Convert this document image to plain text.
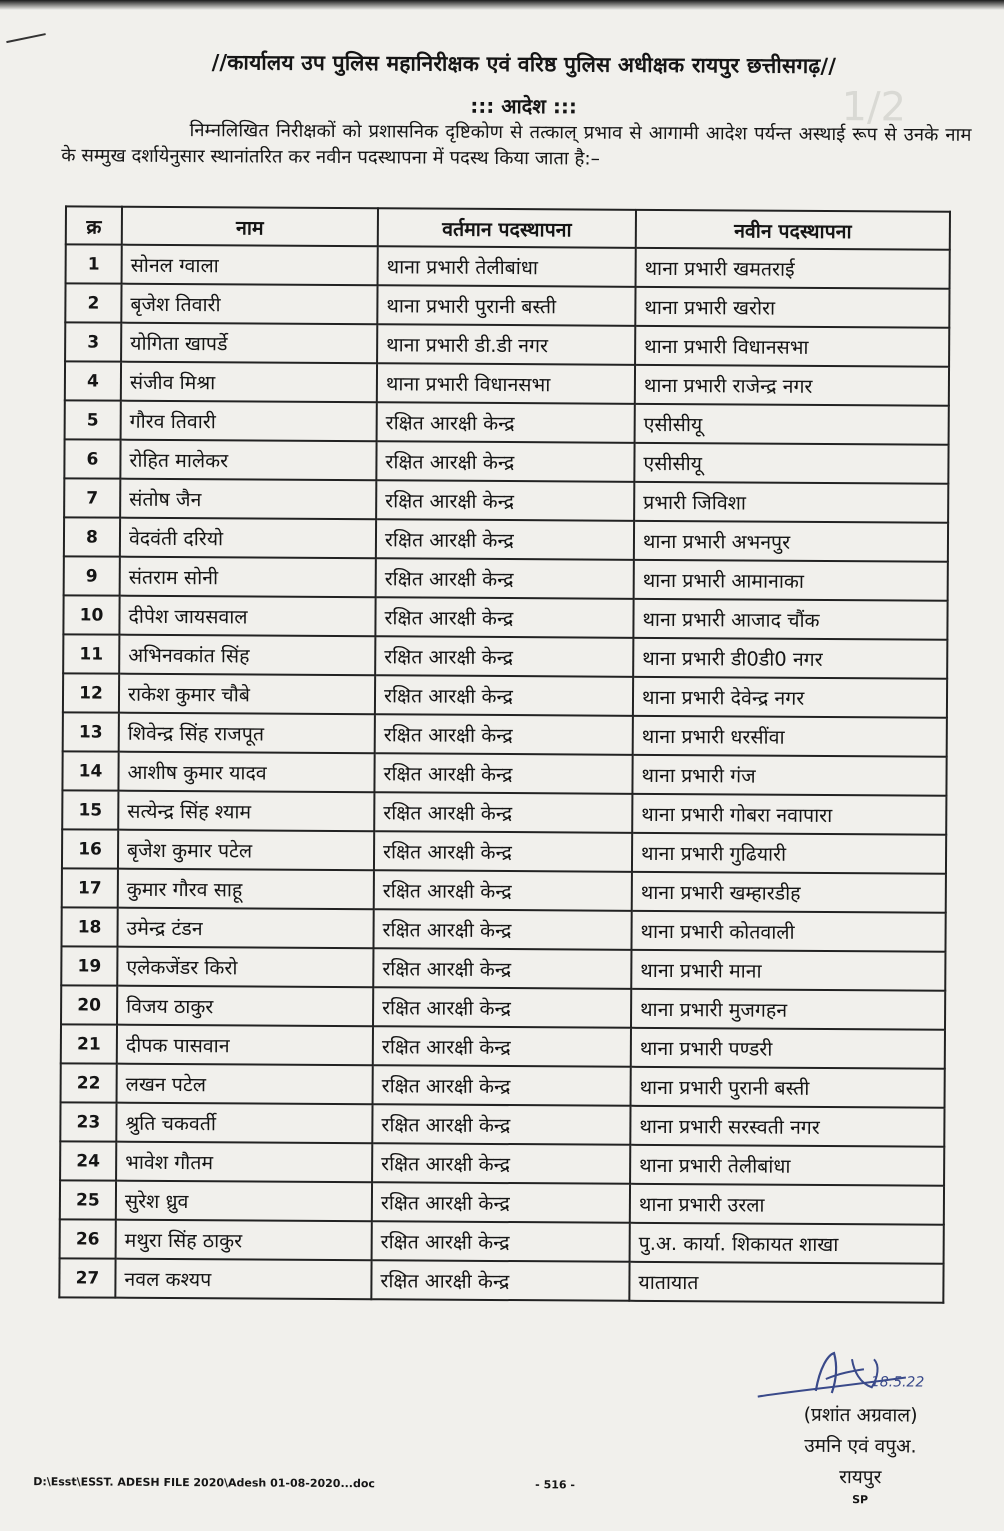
//कार्यालय उप पुलिस महानिरीक्षक एवं वरिष्ठ पुलिस अधीक्षक रायपुर छत्तीसगढ़//
1/2
::: आदेश :::
निम्नलिखित निरीक्षकों को प्रशासनिक दृष्टिकोण से तत्काल् प्रभाव से आगामी आदेश पर्यन्त अस्थाई रूप से उनके नाम के सम्मुख दर्शायेनुसार स्थानांतरित कर नवीन पदस्थापना में पदस्थ किया जाता है:–
क्र	नाम	वर्तमान पदस्थापना	नवीन पदस्थापना
1	सोनल ग्वाला	थाना प्रभारी तेलीबांधा	थाना प्रभारी खमतराई
2	बृजेश तिवारी	थाना प्रभारी पुरानी बस्ती	थाना प्रभारी खरोरा
3	योगिता खापर्डे	थाना प्रभारी डी.डी नगर	थाना प्रभारी विधानसभा
4	संजीव मिश्रा	थाना प्रभारी विधानसभा	थाना प्रभारी राजेन्द्र नगर
5	गौरव तिवारी	रक्षित आरक्षी केन्द्र	एसीसीयू
6	रोहित मालेकर	रक्षित आरक्षी केन्द्र	एसीसीयू
7	संतोष जैन	रक्षित आरक्षी केन्द्र	प्रभारी जिविशा
8	वेदवंती दरियो	रक्षित आरक्षी केन्द्र	थाना प्रभारी अभनपुर
9	संतराम सोनी	रक्षित आरक्षी केन्द्र	थाना प्रभारी आमानाका
10	दीपेश जायसवाल	रक्षित आरक्षी केन्द्र	थाना प्रभारी आजाद चौंक
11	अभिनवकांत सिंह	रक्षित आरक्षी केन्द्र	थाना प्रभारी डी0डी0 नगर
12	राकेश कुमार चौबे	रक्षित आरक्षी केन्द्र	थाना प्रभारी देवेन्द्र नगर
13	शिवेन्द्र सिंह राजपूत	रक्षित आरक्षी केन्द्र	थाना प्रभारी धरसींवा
14	आशीष कुमार यादव	रक्षित आरक्षी केन्द्र	थाना प्रभारी गंज
15	सत्येन्द्र सिंह श्याम	रक्षित आरक्षी केन्द्र	थाना प्रभारी गोबरा नवापारा
16	बृजेश कुमार पटेल	रक्षित आरक्षी केन्द्र	थाना प्रभारी गुढियारी
17	कुमार गौरव साहू	रक्षित आरक्षी केन्द्र	थाना प्रभारी खम्हारडीह
18	उमेन्द्र टंडन	रक्षित आरक्षी केन्द्र	थाना प्रभारी कोतवाली
19	एलेकजेंडर किरो	रक्षित आरक्षी केन्द्र	थाना प्रभारी माना
20	विजय ठाकुर	रक्षित आरक्षी केन्द्र	थाना प्रभारी मुजगहन
21	दीपक पासवान	रक्षित आरक्षी केन्द्र	थाना प्रभारी पण्डरी
22	लखन पटेल	रक्षित आरक्षी केन्द्र	थाना प्रभारी पुरानी बस्ती
23	श्रुति चकवर्ती	रक्षित आरक्षी केन्द्र	थाना प्रभारी सरस्वती नगर
24	भावेश गौतम	रक्षित आरक्षी केन्द्र	थाना प्रभारी तेलीबांधा
25	सुरेश ध्रुव	रक्षित आरक्षी केन्द्र	थाना प्रभारी उरला
26	मथुरा सिंह ठाकुर	रक्षित आरक्षी केन्द्र	पु.अ. कार्या. शिकायत शाखा
27	नवल कश्यप	रक्षित आरक्षी केन्द्र	यातायात
18.5.22
(प्रशांत अग्रवाल)
उमनि एवं वपुअ.
रायपुर
SP
D:\Esst\ESST. ADESH FILE 2020\Adesh 01-08-2020...doc	- 516 -
